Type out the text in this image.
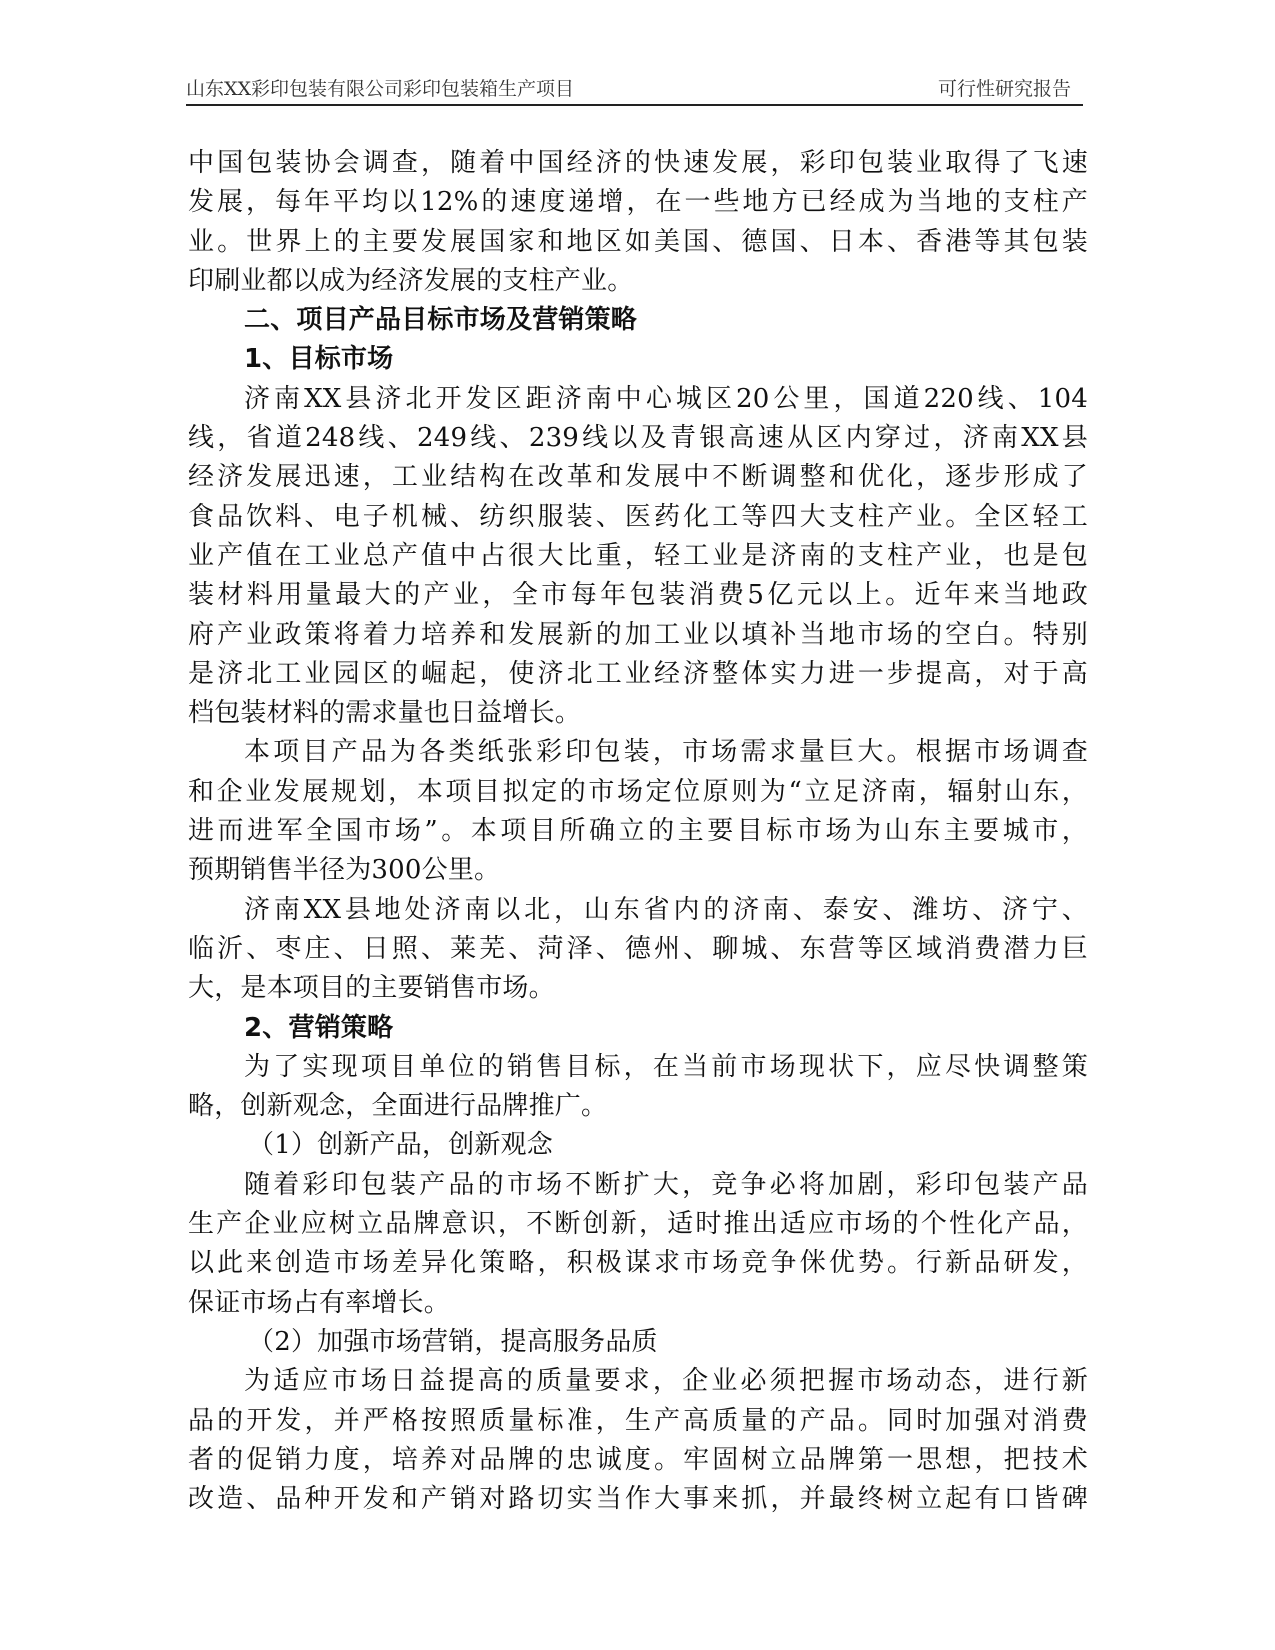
山东XX彩印包装有限公司彩印包装箱生产项目	可行性研究报告
中国包装协会调查，随着中国经济的快速发展，彩印包装业取得了飞速
发展，每年平均以12%的速度递增，在一些地方已经成为当地的支柱产
业。世界上的主要发展国家和地区如美国、德国、日本、香港等其包装
印刷业都以成为经济发展的支柱产业。
二、项目产品目标市场及营销策略
1、目标市场
济南XX县济北开发区距济南中心城区20公里，国道220线、104
线，省道248线、249线、239线以及青银高速从区内穿过，济南XX县
经济发展迅速，工业结构在改革和发展中不断调整和优化，逐步形成了
食品饮料、电子机械、纺织服装、医药化工等四大支柱产业。全区轻工
业产值在工业总产值中占很大比重，轻工业是济南的支柱产业，也是包
装材料用量最大的产业，全市每年包装消费5亿元以上。近年来当地政
府产业政策将着力培养和发展新的加工业以填补当地市场的空白。特别
是济北工业园区的崛起，使济北工业经济整体实力进一步提高，对于高
档包装材料的需求量也日益增长。
本项目产品为各类纸张彩印包装，市场需求量巨大。根据市场调查
和企业发展规划，本项目拟定的市场定位原则为“立足济南，辐射山东，
进而进军全国市场”。本项目所确立的主要目标市场为山东主要城市，
预期销售半径为300公里。
济南XX县地处济南以北，山东省内的济南、泰安、潍坊、济宁、
临沂、枣庄、日照、莱芜、菏泽、德州、聊城、东营等区域消费潜力巨
大，是本项目的主要销售市场。
2、营销策略
为了实现项目单位的销售目标，在当前市场现状下，应尽快调整策
略，创新观念，全面进行品牌推广。
（1）创新产品，创新观念
随着彩印包装产品的市场不断扩大，竞争必将加剧，彩印包装产品
生产企业应树立品牌意识，不断创新，适时推出适应市场的个性化产品，
以此来创造市场差异化策略，积极谋求市场竞争侎优势。行新品研发，
保证市场占有率增长。
（2）加强市场营销，提高服务品质
为适应市场日益提高的质量要求，企业必须把握市场动态，进行新
品的开发，并严格按照质量标准，生产高质量的产品。同时加强对消费
者的促销力度，培养对品牌的忠诚度。牢固树立品牌第一思想，把技术
改造、品种开发和产销对路切实当作大事来抓，并最终树立起有口皆碑
